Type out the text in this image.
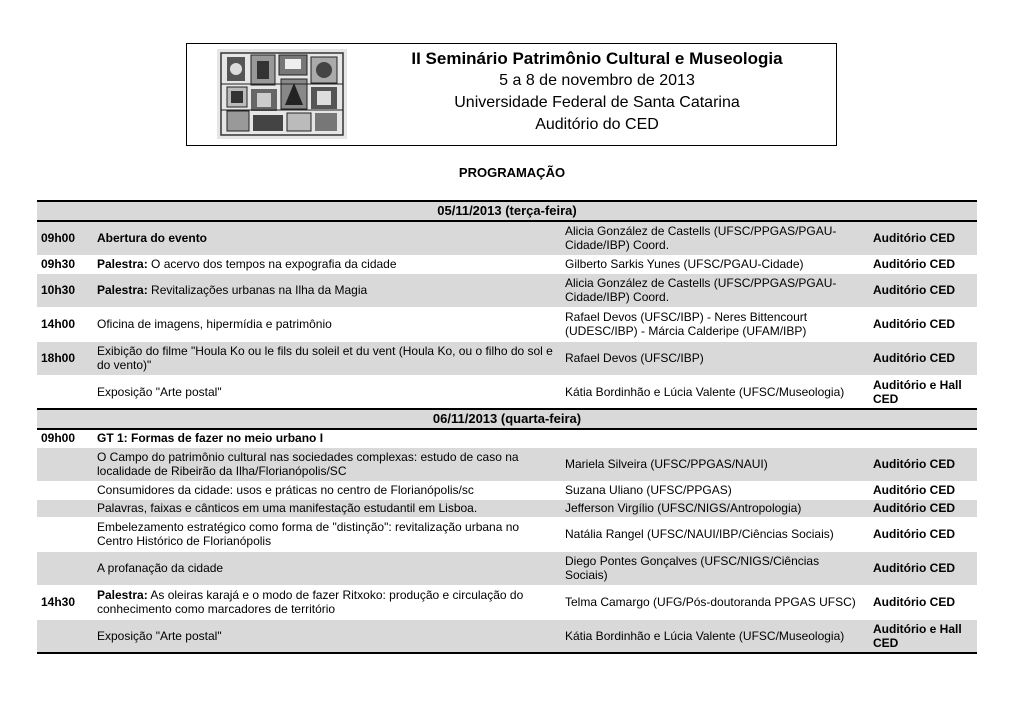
II Seminário Patrimônio Cultural e Museologia
5 a 8 de novembro de 2013
Universidade Federal de Santa Catarina
Auditório do CED
PROGRAMAÇÃO
05/11/2013 (terça-feira)			
09h00	Abertura do evento	Alicia González de Castells (UFSC/PPGAS/PGAU-Cidade/IBP) Coord.	Auditório CED
09h30	Palestra: O acervo dos tempos na expografia da cidade	Gilberto Sarkis Yunes (UFSC/PGAU-Cidade)	Auditório CED
10h30	Palestra: Revitalizações urbanas na Ilha da Magia	Alicia González de Castells (UFSC/PPGAS/PGAU-Cidade/IBP) Coord.	Auditório CED
14h00	Oficina de imagens, hipermídia e patrimônio	Rafael Devos (UFSC/IBP) - Neres Bittencourt (UDESC/IBP) - Márcia Calderipe (UFAM/IBP)	Auditório CED
18h00	Exibição do filme "Houla Ko ou le fils du soleil et du vent (Houla Ko, ou o filho do sol e do vento)"	Rafael Devos (UFSC/IBP)	Auditório CED
	Exposição "Arte postal"	Kátia Bordinhão e Lúcia Valente (UFSC/Museologia)	Auditório e Hall CED
06/11/2013 (quarta-feira)			
09h00	GT 1: Formas de fazer no meio urbano I		
	O Campo do patrimônio cultural nas sociedades complexas: estudo de caso na localidade de Ribeirão da Ilha/Florianópolis/SC	Mariela Silveira (UFSC/PPGAS/NAUI)	Auditório CED
	Consumidores da cidade: usos e práticas no centro de Florianópolis/sc	Suzana Uliano (UFSC/PPGAS)	Auditório CED
	Palavras, faixas e cânticos em uma manifestação estudantil em Lisboa.	Jefferson Virgílio (UFSC/NIGS/Antropologia)	Auditório CED
	Embelezamento estratégico como forma de "distinção": revitalização urbana no Centro Histórico de Florianópolis	Natália Rangel (UFSC/NAUI/IBP/Ciências Sociais)	Auditório CED
	A profanação da cidade	Diego Pontes Gonçalves (UFSC/NIGS/Ciências Sociais)	Auditório CED
14h30	Palestra: As oleiras karajá e o modo de fazer Ritxoko: produção e circulação do conhecimento como marcadores de território	Telma Camargo (UFG/Pós-doutoranda PPGAS UFSC)	Auditório CED
	Exposição "Arte postal"	Kátia Bordinhão e Lúcia Valente (UFSC/Museologia)	Auditório e Hall CED
